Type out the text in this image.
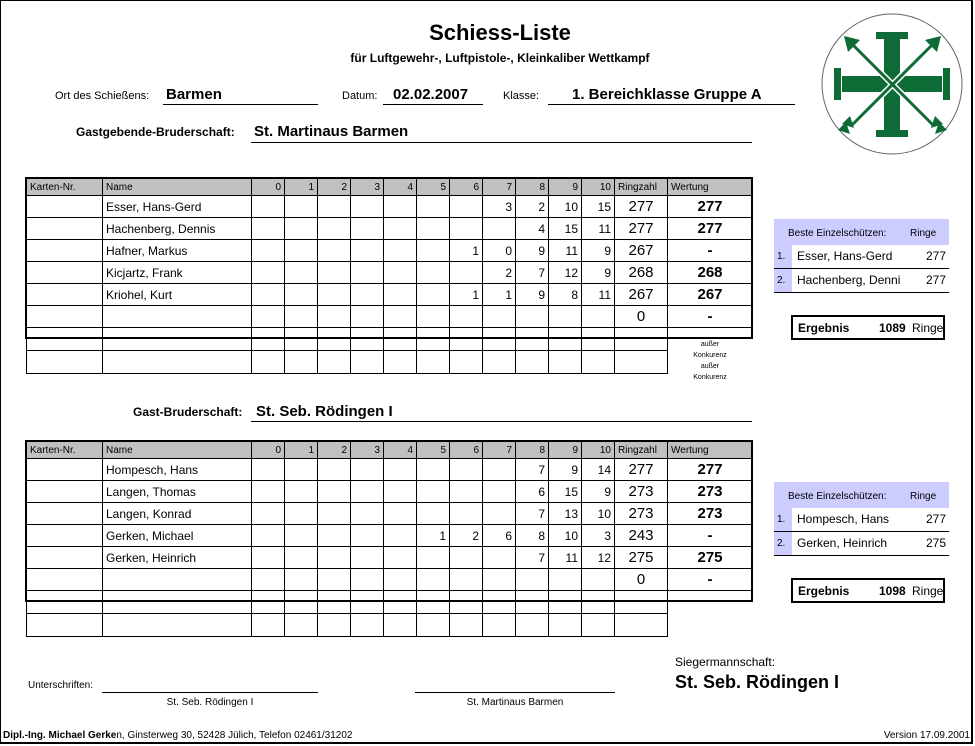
Schiess-Liste
für Luftgewehr-, Luftpistole-, Kleinkaliber Wettkampf
Ort des Schießens: Barmen	Datum: 02.02.2007	Klasse: 1. Bereichklasse Gruppe A
Gastgebende-Bruderschaft: St. Martinaus Barmen
Karten-Nr.	Name	0	1	2	3	4	5	6	7	8	9	10	Ringzahl	Wertung
	Esser, Hans-Gerd								3	2	10	15	277	277
	Hachenberg, Dennis									4	15	11	277	277
	Hafner, Markus							1	0	9	11	9	267	-
	Kicjartz, Frank								2	7	12	9	268	268
	Kriohel, Kurt							1	1	9	8	11	267	267
													0	-

außer
Konkurenz
außer
Konkurenz
Beste Einzelschützen: Ringe
1. Esser, Hans-Gerd	277
2. Hachenberg, Denni 277
Ergebnis 1089 Ringe
Gast-Bruderschaft: St. Seb. Rödingen I
Karten-Nr.	Name	0	1	2	3	4	5	6	7	8	9	10	Ringzahl	Wertung
	Hompesch, Hans									7	9	14	277	277
	Langen, Thomas									6	15	9	273	273
	Langen, Konrad									7	13	10	273	273
	Gerken, Michael						1	2	6	8	10	3	243	-
	Gerken, Heinrich									7	11	12	275	275
													0	-

Beste Einzelschützen: Ringe
1. Hompesch, Hans	277
2. Gerken, Heinrich	275
Ergebnis 1098 Ringe
Unterschriften:
St. Seb. Rödingen I	St. Martinaus Barmen
Siegermannschaft:
St. Seb. Rödingen I
Dipl.-Ing. Michael Gerken, Ginsterweg 30, 52428 Jülich, Telefon 02461/31202	Version 17.09.2001
